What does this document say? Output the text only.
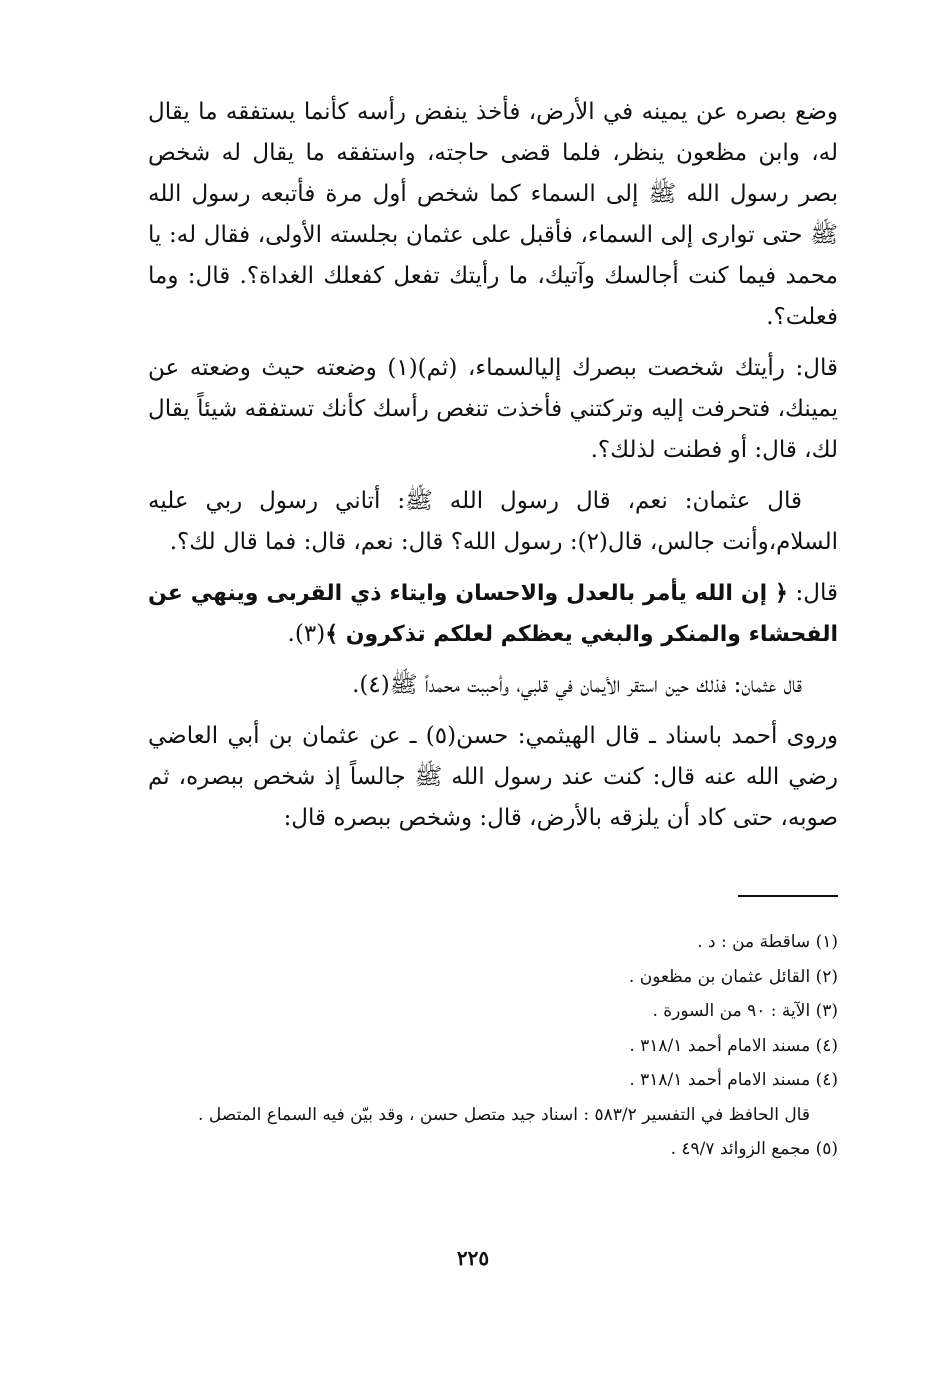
وضع بصره عن يمينه في الأرض، فأخذ ينفض رأسه كأنما يستفقه ما يقال له، وابن مظعون ينظر، فلما قضى حاجته، واستفقه ما يقال له شخص بصر رسول الله ﷺ إلى السماء كما شخص أول مرة فأتبعه رسول الله ﷺ حتى توارى إلى السماء، فأقبل على عثمان بجلسته الأولى، فقال له: يا محمد فيما كنت أجالسك وآتيك، ما رأيتك تفعل كفعلك الغداة؟. قال: وما فعلت؟.

قال: رأيتك شخصت ببصرك إليالسماء، (ثم)(١) وضعته حيث وضعته عن يمينك، فتحرفت إليه وتركتني فأخذت تنغص رأسك كأنك تستفقه شيئاً يقال لك، قال: أو فطنت لذلك؟.

قال عثمان: نعم، قال رسول الله ﷺ: أتاني رسول ربي عليه السلام،وأنت جالس، قال(٢): رسول الله؟ قال: نعم، قال: فما قال لك؟.

قال: ﴿ إن الله يأمر بالعدل والاحسان وايتاء ذي القربى وينهي عن الفحشاء والمنكر والبغي يعظكم لعلكم تذكرون ﴾(٣).

قال عثمان: فذلك حين استقر الأيمان في قلبي، وأحببت محمداً ﷺ(٤).

وروى أحمد باسناد ـ قال الهيثمي: حسن(٥) ـ عن عثمان بن أبي العاضي رضي الله عنه قال: كنت عند رسول الله ﷺ جالساً إذ شخص ببصره، ثم صوبه، حتى كاد أن يلزقه بالأرض، قال: وشخص ببصره قال:

(١) ساقطة من : د .

(٢) القائل عثمان بن مظعون .

(٣) الآية : ٩٠ من السورة .

(٤) مسند الامام أحمد ٣١٨/١ .

(٤) مسند الامام أحمد ٣١٨/١ .

قال الحافظ في التفسير ٥٨٣/٢ : اسناد جيد متصل حسن ، وقد بيّن فيه السماع المتصل .

(٥) مجمع الزوائد ٤٩/٧ .

٢٢٥
